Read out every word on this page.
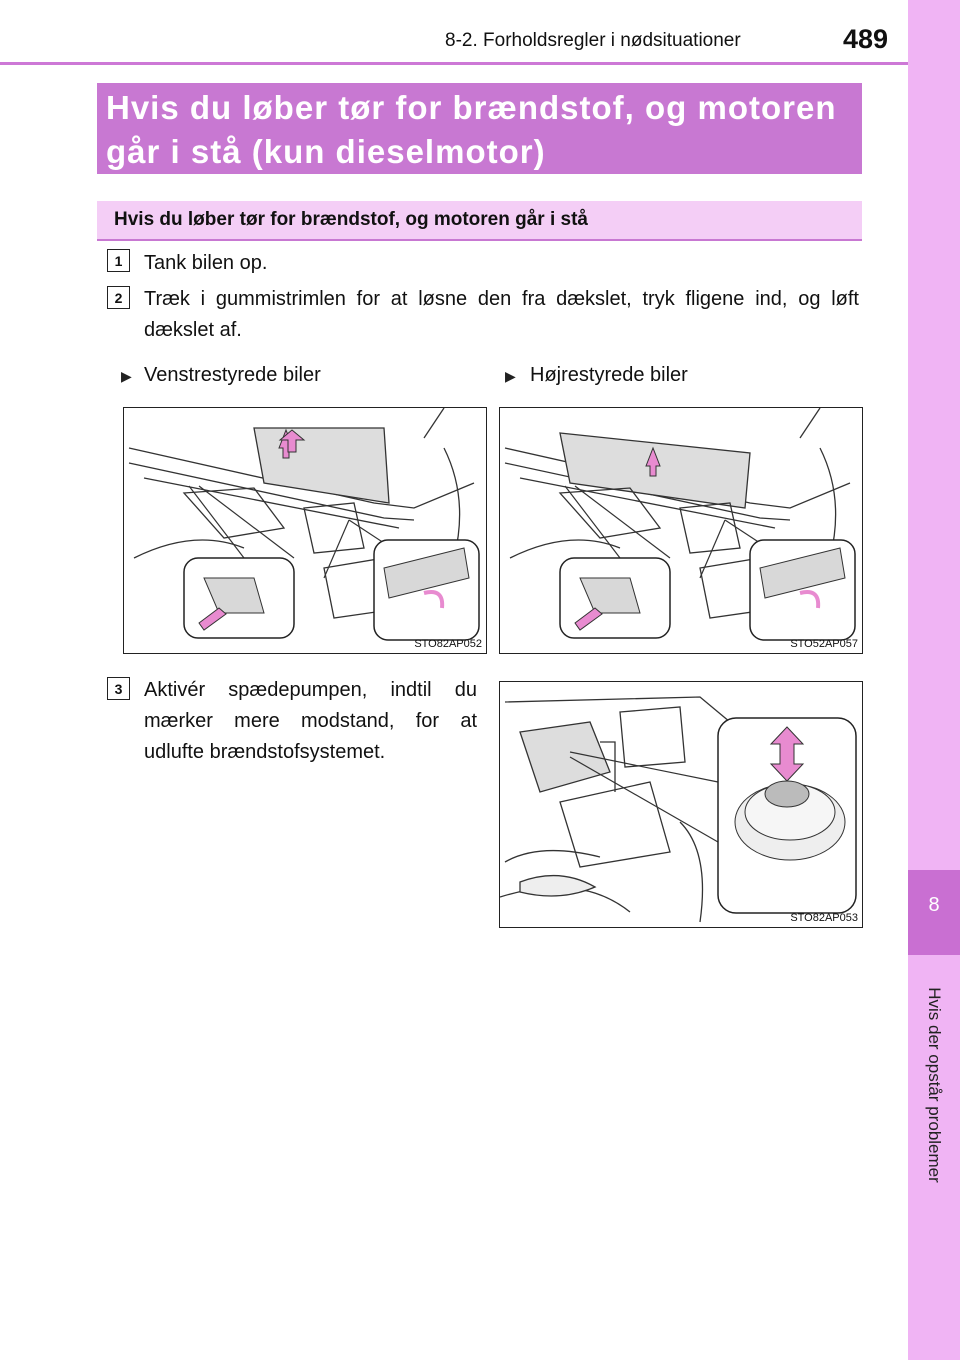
8-2. Forholdsregler i nødsituationer	489
8
Hvis der opstår problemer
Hvis du løber tør for brændstof, og motoren går i stå (kun dieselmotor)
Hvis du løber tør for brændstof, og motoren går i stå
1	Tank bilen op.
2	Træk i gummistrimlen for at løsne den fra dækslet, tryk fligene ind, og løft dækslet af.
▶ Venstrestyrede biler	▶ Højrestyrede biler
STO82AP052	STO52AP057
3	Aktivér spædepumpen, indtil du mærker mere modstand, for at udlufte brændstofsystemet.
STO82AP053
